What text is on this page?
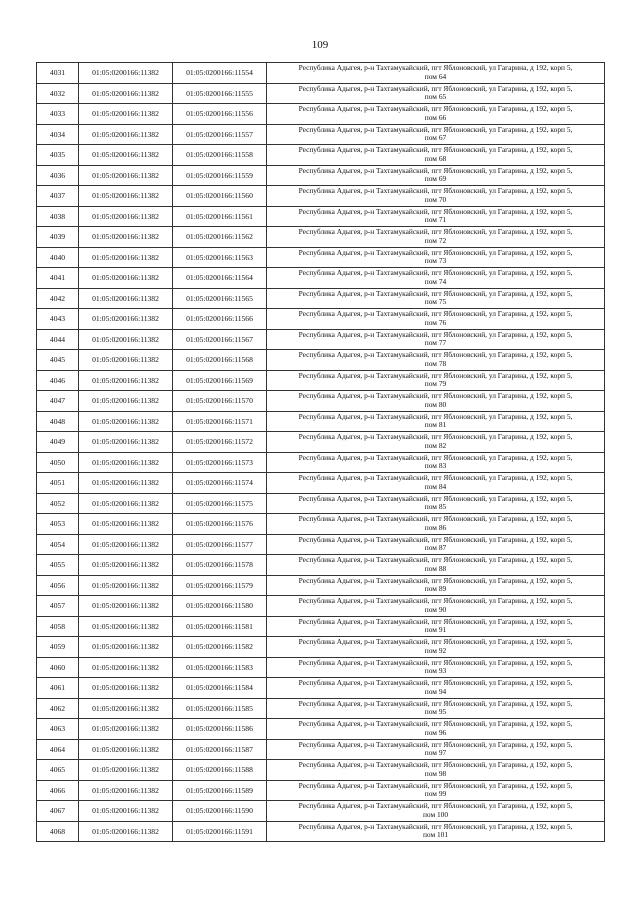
109
4031	01:05:0200166:11382	01:05:0200166:11554	Республика Адыгея, р-н Тахтамукайский, пгт Яблоновский, ул Гагарина, д 192, корп 5,
пом 64

4032	01:05:0200166:11382	01:05:0200166:11555	Республика Адыгея, р-н Тахтамукайский, пгт Яблоновский, ул Гагарина, д 192, корп 5,
пом 65

4033	01:05:0200166:11382	01:05:0200166:11556	Республика Адыгея, р-н Тахтамукайский, пгт Яблоновский, ул Гагарина, д 192, корп 5,
пом 66

4034	01:05:0200166:11382	01:05:0200166:11557	Республика Адыгея, р-н Тахтамукайский, пгт Яблоновский, ул Гагарина, д 192, корп 5,
пом 67

4035	01:05:0200166:11382	01:05:0200166:11558	Республика Адыгея, р-н Тахтамукайский, пгт Яблоновский, ул Гагарина, д 192, корп 5,
пом 68

4036	01:05:0200166:11382	01:05:0200166:11559	Республика Адыгея, р-н Тахтамукайский, пгт Яблоновский, ул Гагарина, д 192, корп 5,
пом 69

4037	01:05:0200166:11382	01:05:0200166:11560	Республика Адыгея, р-н Тахтамукайский, пгт Яблоновский, ул Гагарина, д 192, корп 5,
пом 70

4038	01:05:0200166:11382	01:05:0200166:11561	Республика Адыгея, р-н Тахтамукайский, пгт Яблоновский, ул Гагарина, д 192, корп 5,
пом 71

4039	01:05:0200166:11382	01:05:0200166:11562	Республика Адыгея, р-н Тахтамукайский, пгт Яблоновский, ул Гагарина, д 192, корп 5,
пом 72

4040	01:05:0200166:11382	01:05:0200166:11563	Республика Адыгея, р-н Тахтамукайский, пгт Яблоновский, ул Гагарина, д 192, корп 5,
пом 73

4041	01:05:0200166:11382	01:05:0200166:11564	Республика Адыгея, р-н Тахтамукайский, пгт Яблоновский, ул Гагарина, д 192, корп 5,
пом 74

4042	01:05:0200166:11382	01:05:0200166:11565	Республика Адыгея, р-н Тахтамукайский, пгт Яблоновский, ул Гагарина, д 192, корп 5,
пом 75

4043	01:05:0200166:11382	01:05:0200166:11566	Республика Адыгея, р-н Тахтамукайский, пгт Яблоновский, ул Гагарина, д 192, корп 5,
пом 76

4044	01:05:0200166:11382	01:05:0200166:11567	Республика Адыгея, р-н Тахтамукайский, пгт Яблоновский, ул Гагарина, д 192, корп 5,
пом 77

4045	01:05:0200166:11382	01:05:0200166:11568	Республика Адыгея, р-н Тахтамукайский, пгт Яблоновский, ул Гагарина, д 192, корп 5,
пом 78

4046	01:05:0200166:11382	01:05:0200166:11569	Республика Адыгея, р-н Тахтамукайский, пгт Яблоновский, ул Гагарина, д 192, корп 5,
пом 79

4047	01:05:0200166:11382	01:05:0200166:11570	Республика Адыгея, р-н Тахтамукайский, пгт Яблоновский, ул Гагарина, д 192, корп 5,
пом 80

4048	01:05:0200166:11382	01:05:0200166:11571	Республика Адыгея, р-н Тахтамукайский, пгт Яблоновский, ул Гагарина, д 192, корп 5,
пом 81

4049	01:05:0200166:11382	01:05:0200166:11572	Республика Адыгея, р-н Тахтамукайский, пгт Яблоновский, ул Гагарина, д 192, корп 5,
пом 82

4050	01:05:0200166:11382	01:05:0200166:11573	Республика Адыгея, р-н Тахтамукайский, пгт Яблоновский, ул Гагарина, д 192, корп 5,
пом 83

4051	01:05:0200166:11382	01:05:0200166:11574	Республика Адыгея, р-н Тахтамукайский, пгт Яблоновский, ул Гагарина, д 192, корп 5,
пом 84

4052	01:05:0200166:11382	01:05:0200166:11575	Республика Адыгея, р-н Тахтамукайский, пгт Яблоновский, ул Гагарина, д 192, корп 5,
пом 85

4053	01:05:0200166:11382	01:05:0200166:11576	Республика Адыгея, р-н Тахтамукайский, пгт Яблоновский, ул Гагарина, д 192, корп 5,
пом 86

4054	01:05:0200166:11382	01:05:0200166:11577	Республика Адыгея, р-н Тахтамукайский, пгт Яблоновский, ул Гагарина, д 192, корп 5,
пом 87

4055	01:05:0200166:11382	01:05:0200166:11578	Республика Адыгея, р-н Тахтамукайский, пгт Яблоновский, ул Гагарина, д 192, корп 5,
пом 88

4056	01:05:0200166:11382	01:05:0200166:11579	Республика Адыгея, р-н Тахтамукайский, пгт Яблоновский, ул Гагарина, д 192, корп 5,
пом 89

4057	01:05:0200166:11382	01:05:0200166:11580	Республика Адыгея, р-н Тахтамукайский, пгт Яблоновский, ул Гагарина, д 192, корп 5,
пом 90

4058	01:05:0200166:11382	01:05:0200166:11581	Республика Адыгея, р-н Тахтамукайский, пгт Яблоновский, ул Гагарина, д 192, корп 5,
пом 91

4059	01:05:0200166:11382	01:05:0200166:11582	Республика Адыгея, р-н Тахтамукайский, пгт Яблоновский, ул Гагарина, д 192, корп 5,
пом 92

4060	01:05:0200166:11382	01:05:0200166:11583	Республика Адыгея, р-н Тахтамукайский, пгт Яблоновский, ул Гагарина, д 192, корп 5,
пом 93

4061	01:05:0200166:11382	01:05:0200166:11584	Республика Адыгея, р-н Тахтамукайский, пгт Яблоновский, ул Гагарина, д 192, корп 5,
пом 94

4062	01:05:0200166:11382	01:05:0200166:11585	Республика Адыгея, р-н Тахтамукайский, пгт Яблоновский, ул Гагарина, д 192, корп 5,
пом 95

4063	01:05:0200166:11382	01:05:0200166:11586	Республика Адыгея, р-н Тахтамукайский, пгт Яблоновский, ул Гагарина, д 192, корп 5,
пом 96

4064	01:05:0200166:11382	01:05:0200166:11587	Республика Адыгея, р-н Тахтамукайский, пгт Яблоновский, ул Гагарина, д 192, корп 5,
пом 97

4065	01:05:0200166:11382	01:05:0200166:11588	Республика Адыгея, р-н Тахтамукайский, пгт Яблоновский, ул Гагарина, д 192, корп 5,
пом 98

4066	01:05:0200166:11382	01:05:0200166:11589	Республика Адыгея, р-н Тахтамукайский, пгт Яблоновский, ул Гагарина, д 192, корп 5,
пом 99

4067	01:05:0200166:11382	01:05:0200166:11590	Республика Адыгея, р-н Тахтамукайский, пгт Яблоновский, ул Гагарина, д 192, корп 5,
пом 100

4068	01:05:0200166:11382	01:05:0200166:11591	Республика Адыгея, р-н Тахтамукайский, пгт Яблоновский, ул Гагарина, д 192, корп 5,
пом 101
